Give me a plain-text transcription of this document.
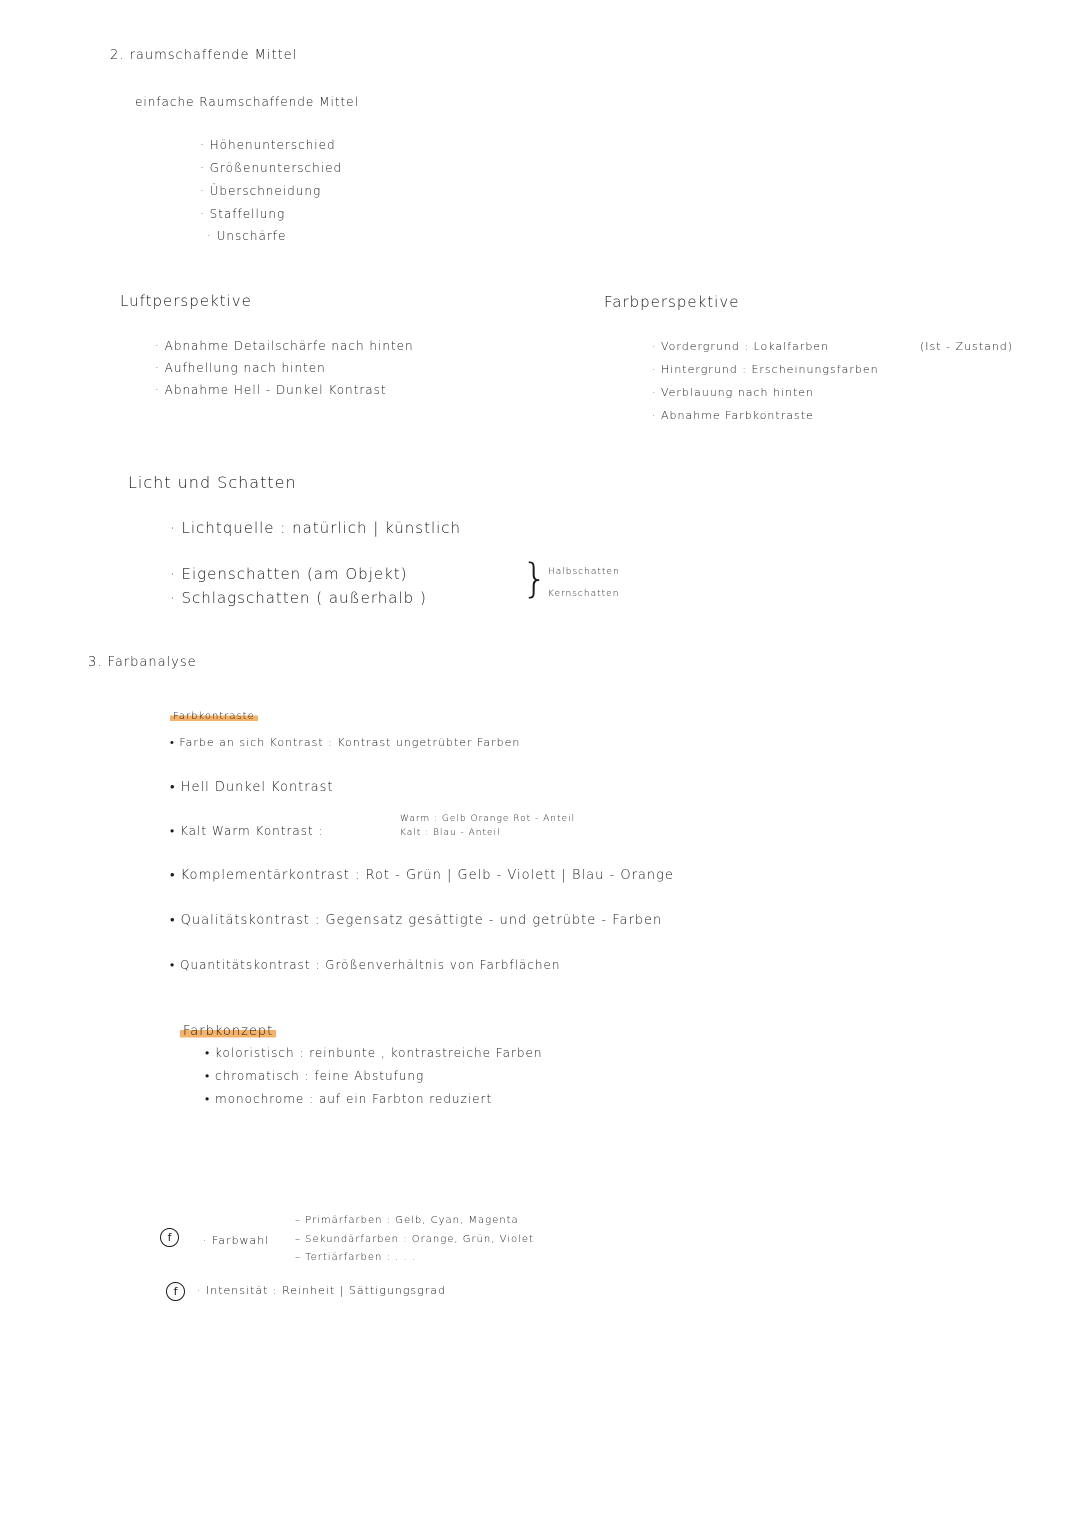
2. raumschaffende Mittel
einfache Raumschaffende Mittel
· Höhenunterschied
· Größenunterschied
· Überschneidung
· Staffellung
· Unschärfe
Luftperspektive
· Abnahme Detailschärfe nach hinten
· Aufhellung nach hinten
· Abnahme Hell - Dunkel Kontrast
Farbperspektive
· Vordergrund : Lokalfarben
· Hintergrund : Erscheinungsfarben
· Verblauung nach hinten
· Abnahme Farbkontraste
(Ist - Zustand)
Licht und Schatten
· Lichtquelle : natürlich | künstlich
· Eigenschatten (am Objekt)
· Schlagschatten ( außerhalb ) } Halbschatten
Kernschatten
3. Farbanalyse
Farbkontraste
• Farbe an sich Kontrast : Kontrast ungetrübter Farben
• Hell Dunkel Kontrast
• Kalt Warm Kontrast :
Warm : Gelb Orange Rot - Anteil
Kalt : Blau - Anteil
• Komplementärkontrast : Rot - Grün | Gelb - Violett | Blau - Orange
• Qualitätskontrast : Gegensatz gesättigte - und getrübte - Farben
• Quantitätskontrast : Größenverhältnis von Farbflächen
Farbkonzept
• koloristisch : reinbunte , kontrastreiche Farben
• chromatisch : feine Abstufung
• monochrome : auf ein Farbton reduziert
f	· Farbwahl
– Primärfarben : Gelb, Cyan, Magenta
– Sekundärfarben : Orange, Grün, Violet
– Tertiärfarben : . . .
f	· Intensität : Reinheit | Sättigungsgrad
